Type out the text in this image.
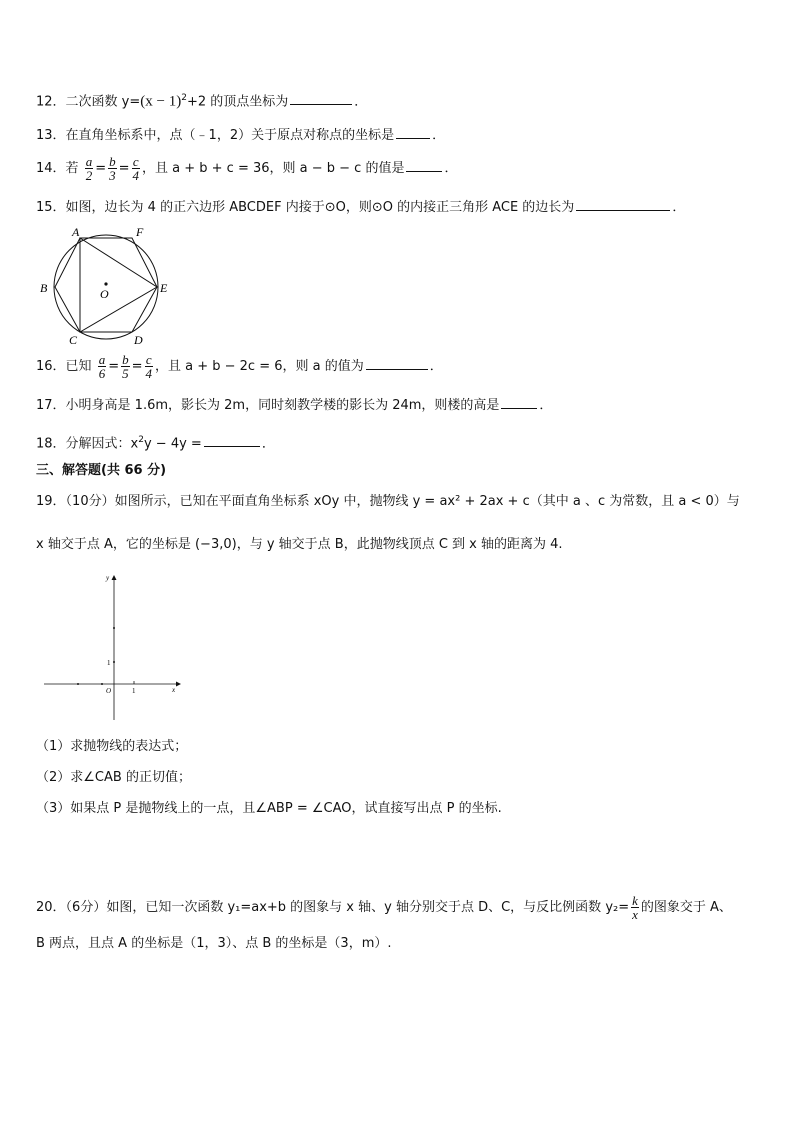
12．二次函数 $y=(x - 1)^2+2$ 的顶点坐标为	．
13．在直角坐标系中，点（﹣1，2）关于原点对称点的坐标是	．
14．若 $\frac{a}{2} = \frac{b}{3} = \frac{c}{4}$ ，且 a + b + c = 36，则 a − b − c 的值是	．
15．如图，边长为 4 的正六边形 ABCDEF 内接于⊙O，则⊙O 的内接正三角形 ACE 的边长为	．
A	F
B	E
C	D
O
16．已知 $\frac{a}{6} = \frac{b}{5} = \frac{c}{4}$ ，且 a + b − 2c = 6，则 a 的值为	．
17．小明身高是 1.6m，影长为 2m，同时刻教学楼的影长为 24m，则楼的高是	．
18．分解因式：$x^2y - 4y$ =	．
三、解答题(共 66 分)
19．（10分）如图所示，已知在平面直角坐标系 xOy 中，抛物线 y = ax² + 2ax + c（其中 a 、c 为常数，且 a < 0）与
x 轴交于点 A，它的坐标是 (−3,0)，与 y 轴交于点 B，此抛物线顶点 C 到 x 轴的距离为 4.
y
x
O
1
1
（1）求抛物线的表达式；
（2）求∠CAB 的正切值；
（3）如果点 P 是抛物线上的一点，且∠ABP = ∠CAO，试直接写出点 P 的坐标.
20．（6分）如图，已知一次函数 y₁=ax+b 的图象与 x 轴、y 轴分别交于点 D、C，与反比例函数 $y_2= \frac{k}{x}$ 的图象交于 A、
B 两点，且点 A 的坐标是（1，3）、点 B 的坐标是（3，m）.
